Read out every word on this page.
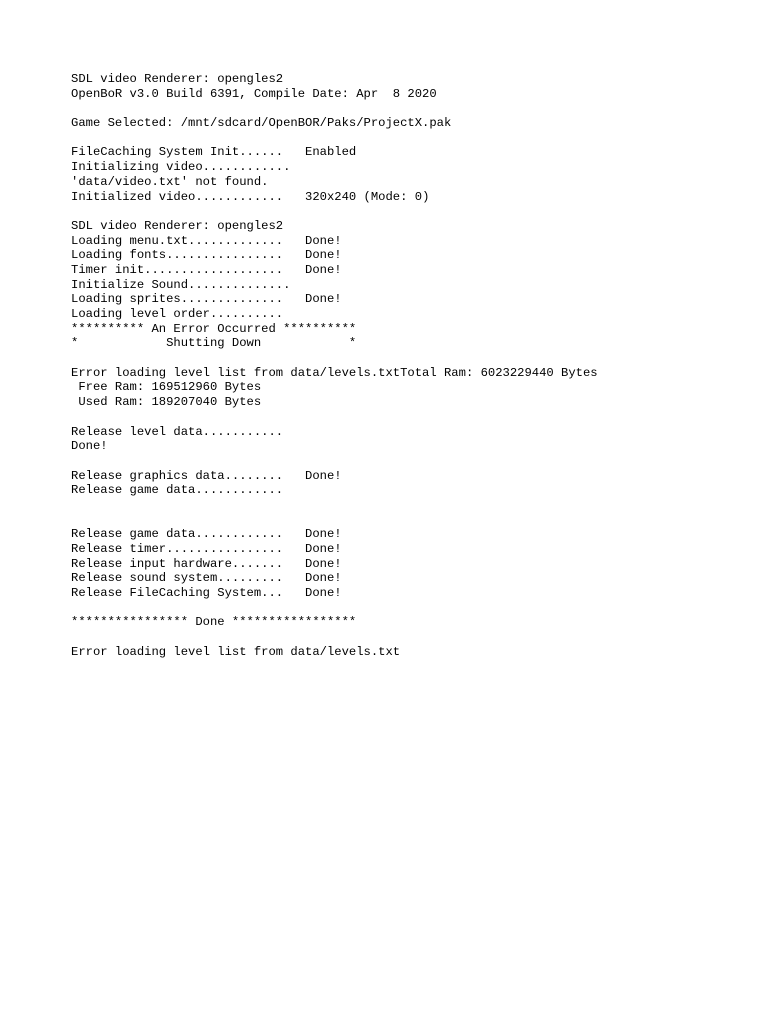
SDL video Renderer: opengles2
OpenBoR v3.0 Build 6391, Compile Date: Apr  8 2020
Game Selected: /mnt/sdcard/OpenBOR/Paks/ProjectX.pak
FileCaching System Init......	Enabled
Initializing video............
'data/video.txt' not found.
Initialized video............	320x240 (Mode: 0)
SDL video Renderer: opengles2
Loading menu.txt.............	Done!
Loading fonts................	Done!
Timer init...................	Done!
Initialize Sound..............
Loading sprites..............	Done!
Loading level order..........
********** An Error Occurred **********
*            Shutting Down            *
Error loading level list from data/levels.txtTotal Ram: 6023229440 Bytes
Free Ram: 169512960 Bytes
Used Ram: 189207040 Bytes
Release level data...........
Done!
Release graphics data........	Done!
Release game data............
Release game data............	Done!
Release timer................	Done!
Release input hardware.......	Done!
Release sound system.........	Done!
Release FileCaching System...	Done!
**************** Done *****************
Error loading level list from data/levels.txt
